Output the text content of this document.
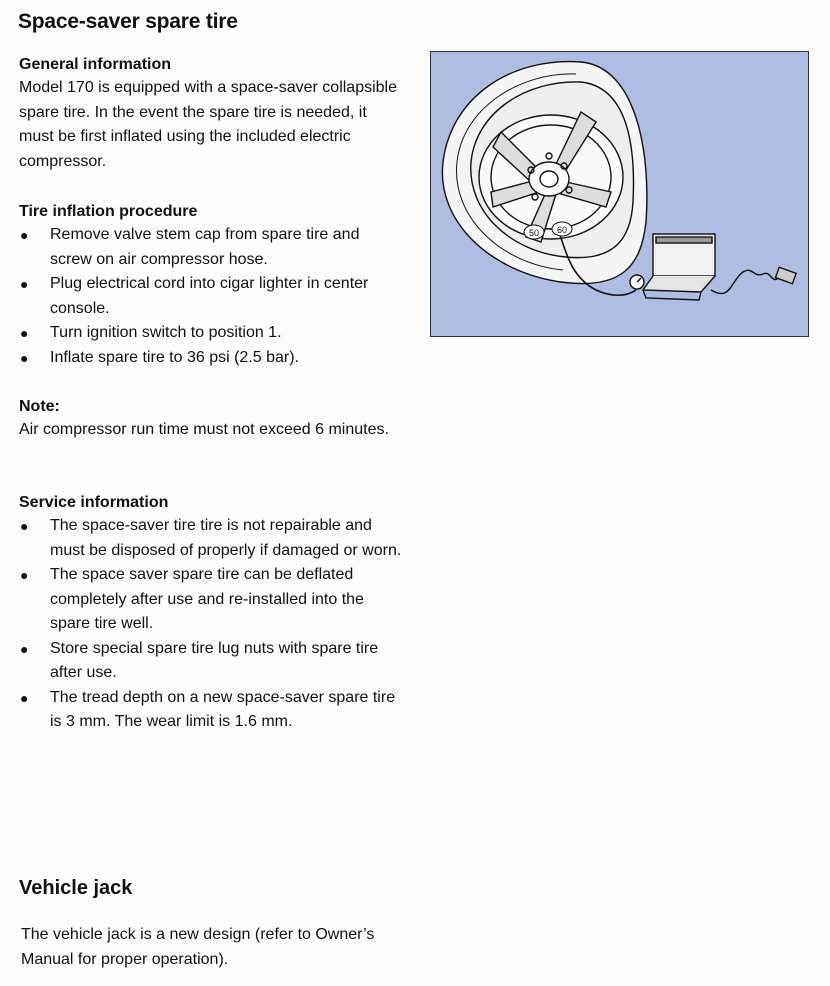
Space-saver spare tire
General information

Model 170 is equipped with a space-saver collapsible spare tire. In the event the spare tire is needed, it must be first inflated using the included electric compressor.

Tire inflation procedure
● Remove valve stem cap from spare tire and screw on air compressor hose.
● Plug electrical cord into cigar lighter in center console.
● Turn ignition switch to position 1.
● Inflate spare tire to 36 psi (2.5 bar).
Note:

Air compressor run time must not exceed 6 minutes.

Service information
● The space-saver tire tire is not repairable and must be disposed of properly if damaged or worn.
● The space saver spare tire can be deflated completely after use and re-installed into the spare tire well.
● Store special spare tire lug nuts with spare tire after use.
● The tread depth on a new space-saver spare tire is 3 mm. The wear limit is 1.6 mm.
50 60
Vehicle jack

The vehicle jack is a new design (refer to Owner’s Manual for proper operation).
